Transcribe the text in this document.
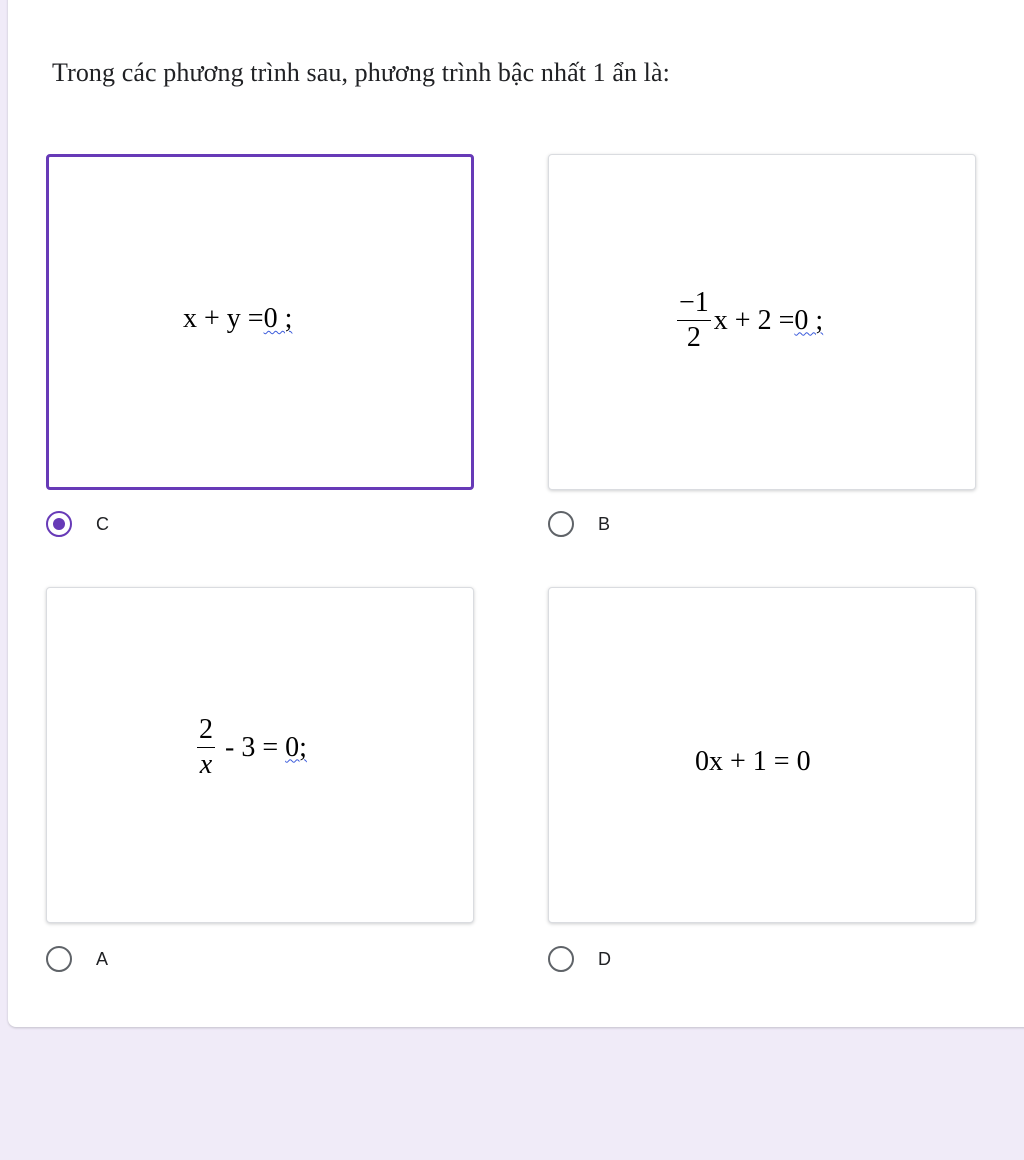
Trong các phương trình sau, phương trình bậc nhất 1 ẩn là:
x + y = 0 ;
C
$\frac{-1}{2}$ x + 2 = 0 ;
B
$\frac{2}{x} - 3 = 0$;
A
0x + 1 = 0
D
